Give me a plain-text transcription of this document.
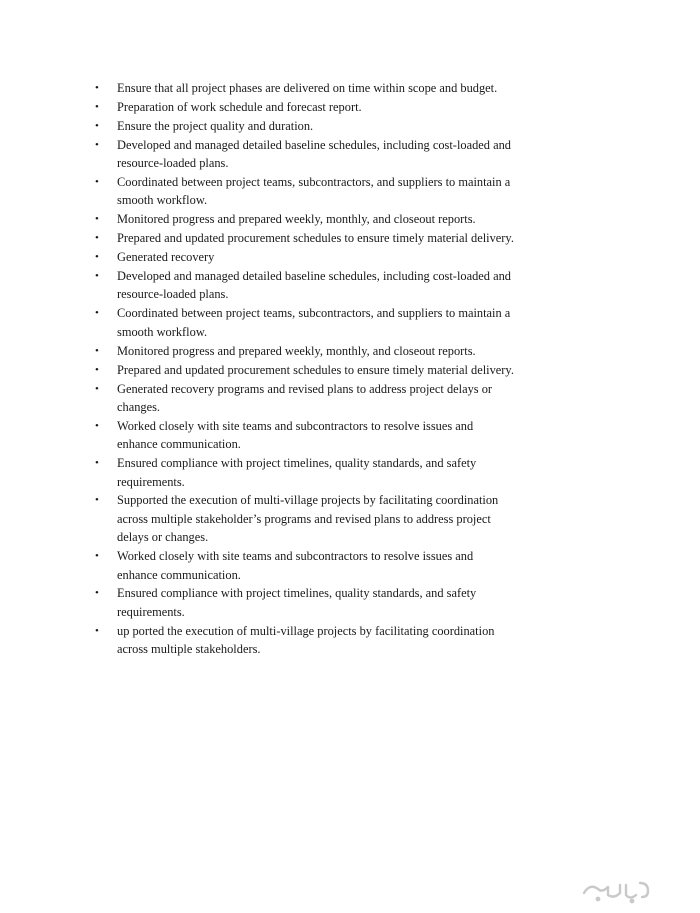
• Ensure that all project phases are delivered on time within scope and budget.
• Preparation of work schedule and forecast report.
• Ensure the project quality and duration.
• Developed and managed detailed baseline schedules, including cost-loaded and resource-loaded plans.
• Coordinated between project teams, subcontractors, and suppliers to maintain a smooth workflow.
• Monitored progress and prepared weekly, monthly, and closeout reports.
• Prepared and updated procurement schedules to ensure timely material delivery.
• Generated recovery
• Developed and managed detailed baseline schedules, including cost-loaded and resource-loaded plans.
• Coordinated between project teams, subcontractors, and suppliers to maintain a smooth workflow.
• Monitored progress and prepared weekly, monthly, and closeout reports.
• Prepared and updated procurement schedules to ensure timely material delivery.
• Generated recovery programs and revised plans to address project delays or changes.
• Worked closely with site teams and subcontractors to resolve issues and enhance communication.
• Ensured compliance with project timelines, quality standards, and safety requirements.
• Supported the execution of multi-village projects by facilitating coordination across multiple stakeholder’s programs and revised plans to address project delays or changes.
• Worked closely with site teams and subcontractors to resolve issues and enhance communication.
• Ensured compliance with project timelines, quality standards, and safety requirements.
• up ported the execution of multi-village projects by facilitating coordination across multiple stakeholders.
